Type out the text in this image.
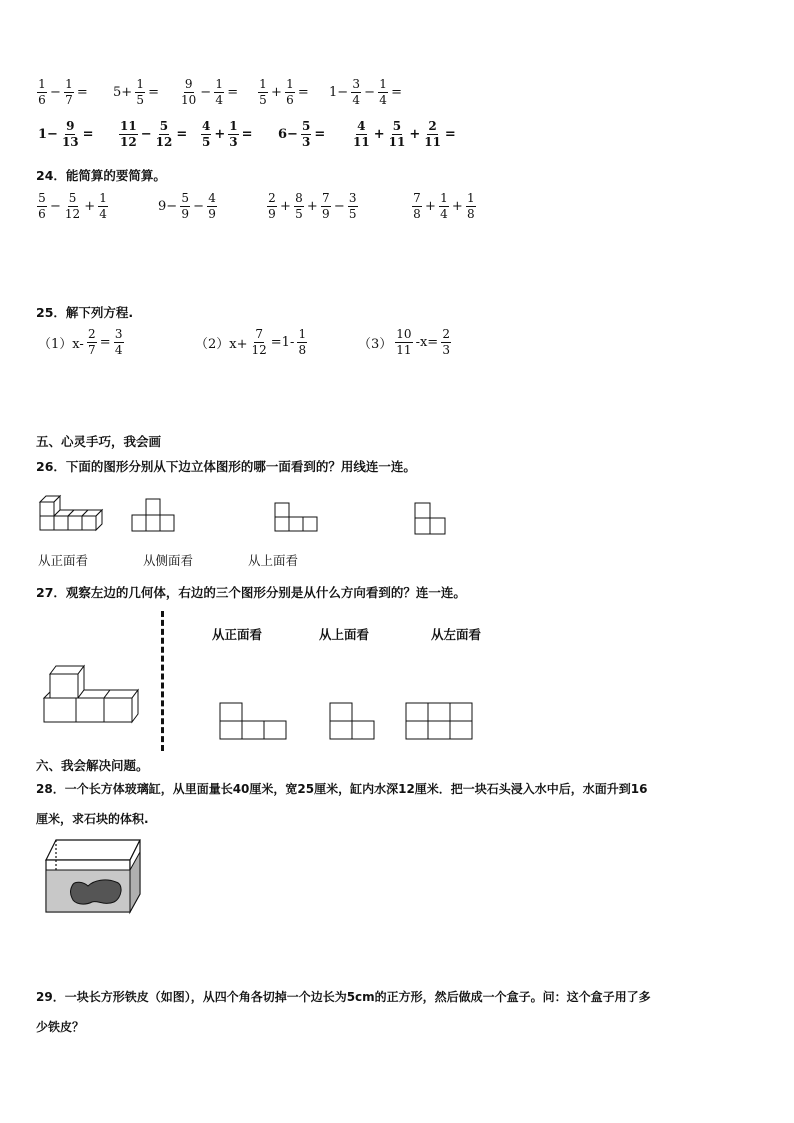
$\frac{1}{6} - \frac{1}{7} = 5+ \frac{1}{5} = \frac{9}{10} - \frac{1}{4} = \frac{1}{5} + \frac{1}{6} = 1- \frac{3}{4} - \frac{1}{4}$ =
$1- \frac{9}{13} = \frac{11}{12} - \frac{5}{12} = \frac{4}{5} + \frac{1}{3} = 6- \frac{5}{3} = \frac{4}{11} + \frac{5}{11} + \frac{2}{11}$ =
24．能简算的要简算。
$\frac{5}{6} - \frac{5}{12} + \frac{1}{4}$	$9- \frac{5}{9} - \frac{4}{9}$	$\frac{2}{9} + \frac{8}{5} + \frac{7}{9} - \frac{3}{5}$	$\frac{7}{8} + \frac{1}{4} + \frac{1}{8}$
25．解下列方程.
$(1)x- \frac{2}{7} = \frac{3}{4}$	$(2)x+ \frac{7}{12} =1- \frac{1}{8}$	$(3) \frac{10}{11} -x= \frac{2}{3}$
五、心灵手巧，我会画
26．下面的图形分别从下边立体图形的哪一面看到的？用线连一连。
从正面看	从侧面看	从上面看
27．观察左边的几何体，右边的三个图形分别是从什么方向看到的？连一连。
从正面看	从上面看	从左面看
六、我会解决问题。
28．一个长方体玻璃缸，从里面量长40厘米，宽25厘米，缸内水深12厘米．把一块石头浸入水中后，水面升到16
厘米，求石块的体积.
29．一块长方形铁皮（如图），从四个角各切掉一个边长为5cm的正方形，然后做成一个盒子。问：这个盒子用了多
少铁皮？
